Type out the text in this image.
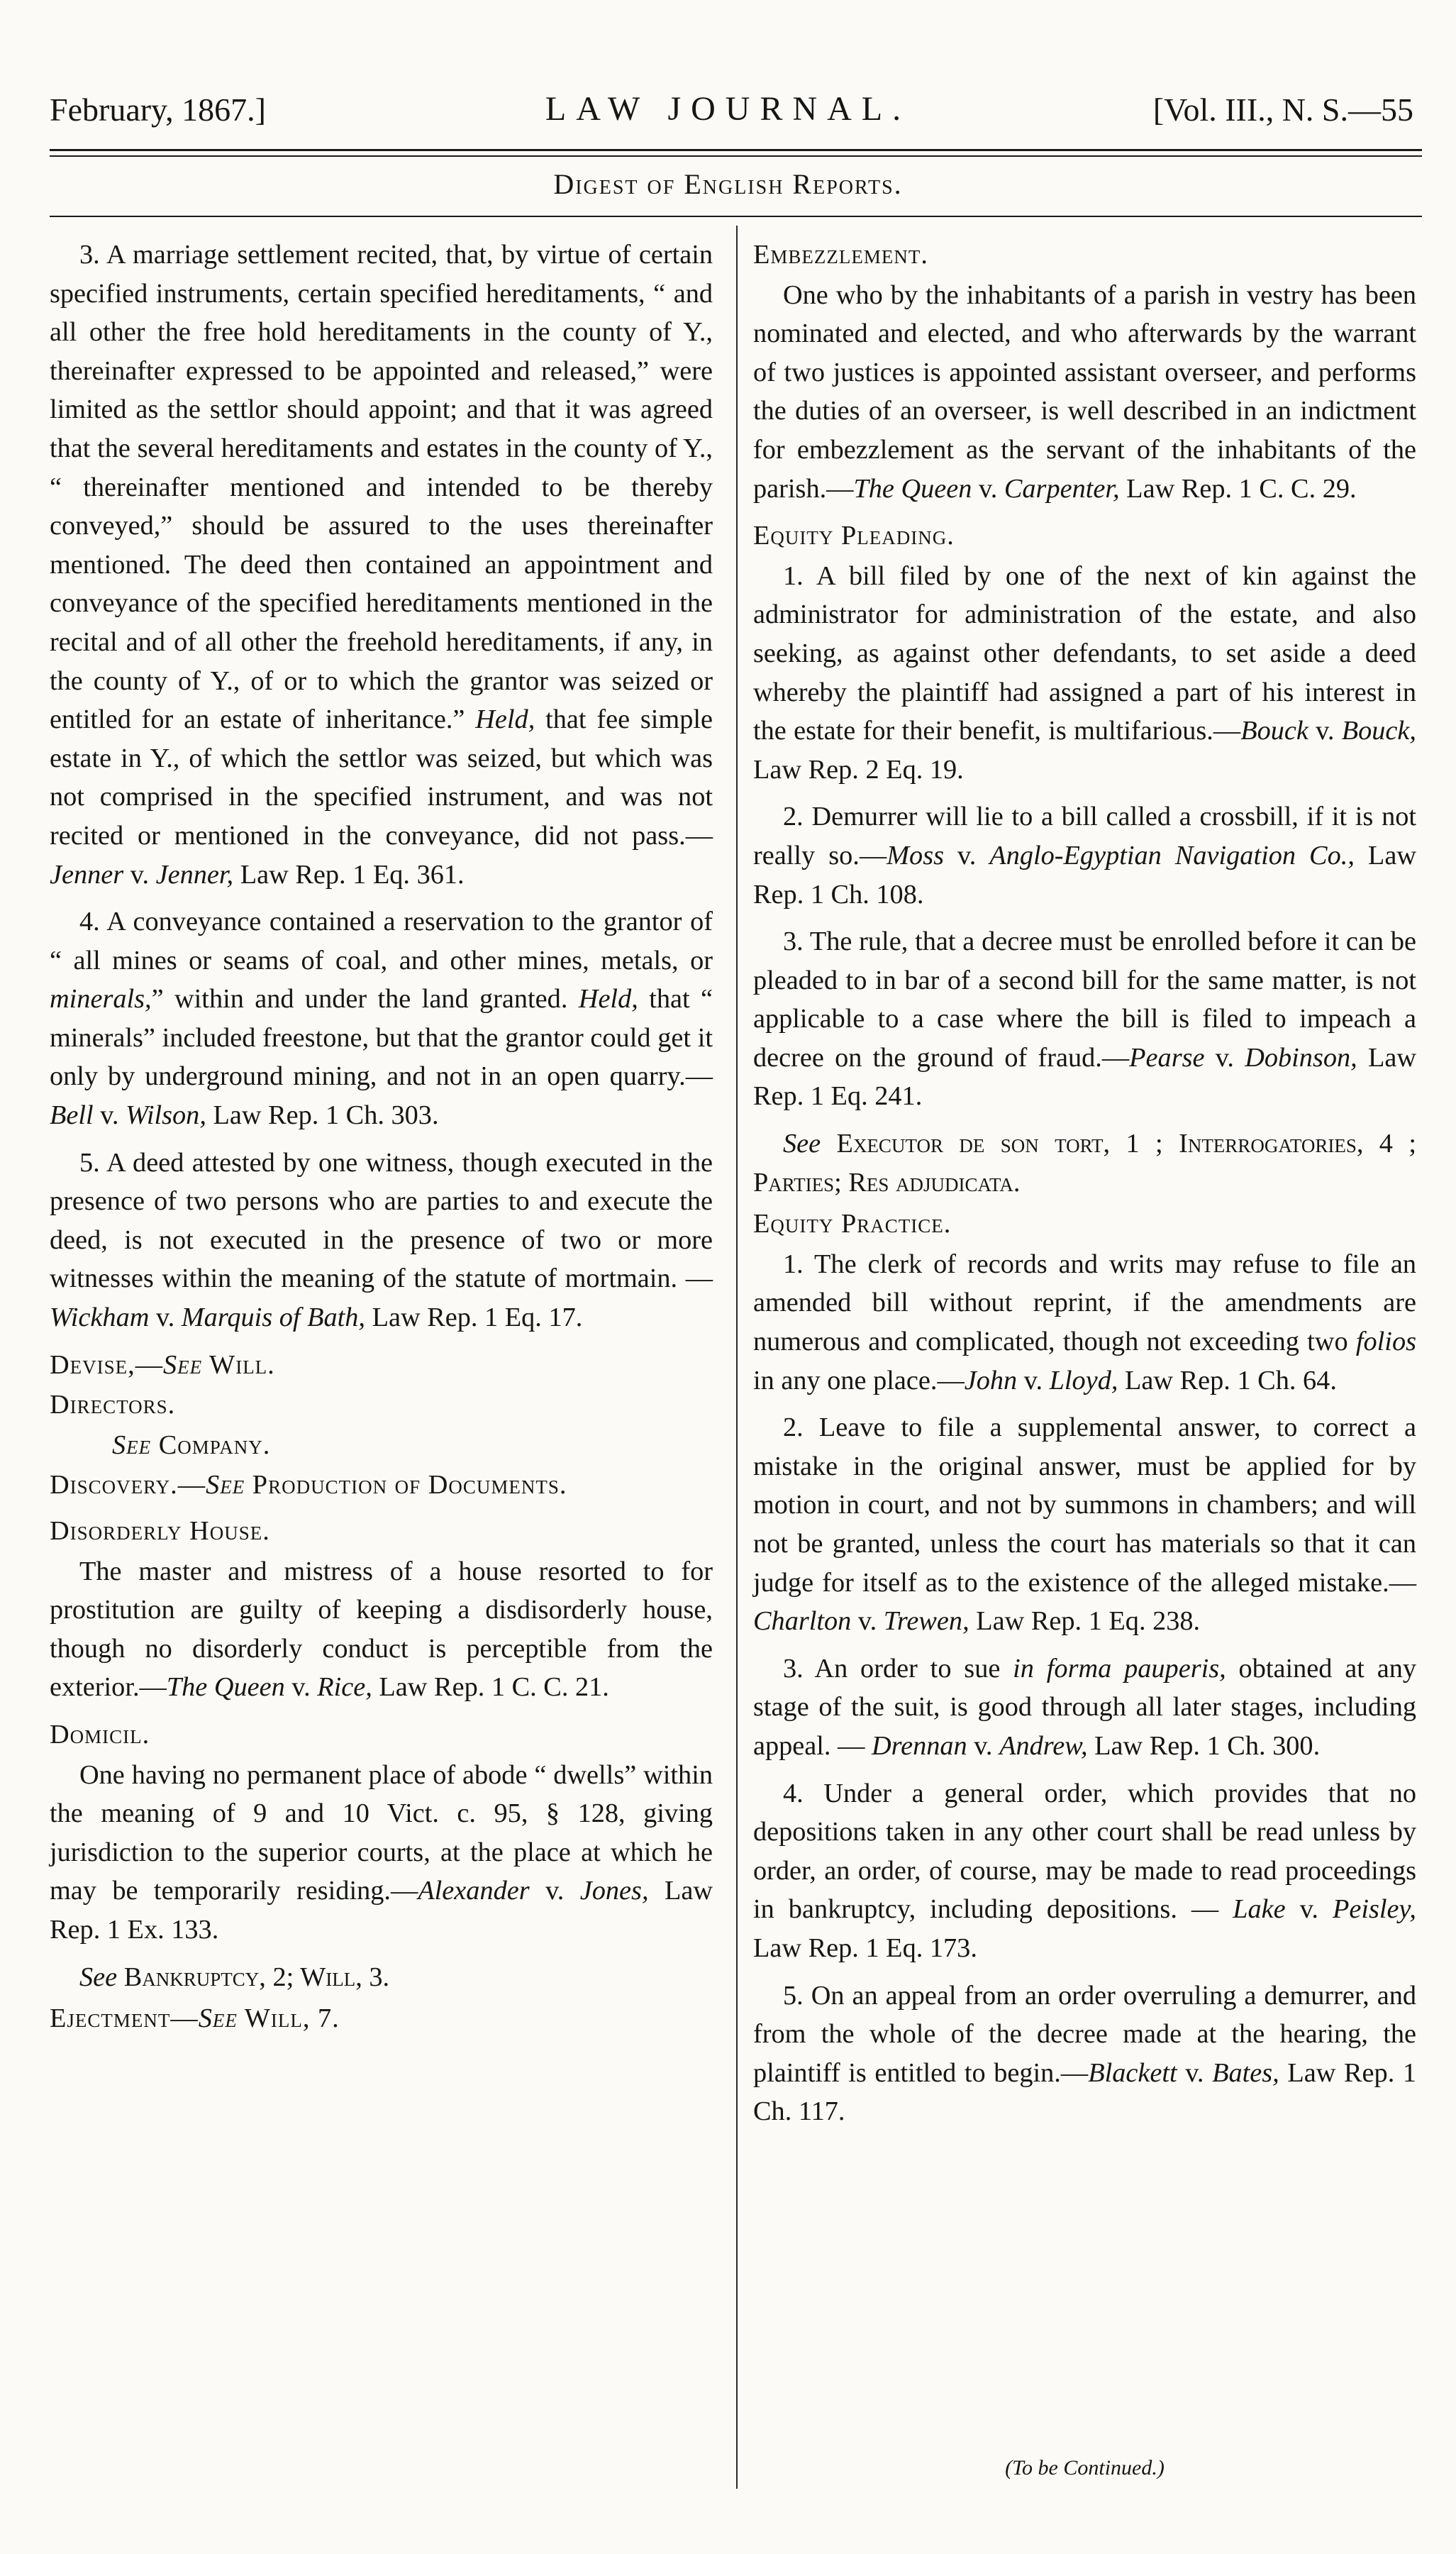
February, 1867.]	LAW JOURNAL.	[Vol. III., N. S.—55
Digest of English Reports.

3. A marriage settlement recited, that, by virtue of certain specified instruments, certain specified hereditaments, “ and all other the free hold hereditaments in the county of Y., thereinafter expressed to be appointed and released,” were limited as the settlor should appoint; and that it was agreed that the several hereditaments and estates in the county of Y., “ thereinafter mentioned and intended to be thereby conveyed,” should be assured to the uses thereinafter mentioned. The deed then contained an appointment and conveyance of the specified hereditaments mentioned in the recital and of all other the freehold hereditaments, if any, in the county of Y., of or to which the grantor was seized or entitled for an estate of inheritance.” Held, that fee simple estate in Y., of which the settlor was seized, but which was not comprised in the specified instrument, and was not recited or mentioned in the conveyance, did not pass.—Jenner v. Jenner, Law Rep. 1 Eq. 361.

4. A conveyance contained a reservation to the grantor of “ all mines or seams of coal, and other mines, metals, or minerals,” within and under the land granted. Held, that “ minerals” included freestone, but that the grantor could get it only by underground mining, and not in an open quarry.—Bell v. Wilson, Law Rep. 1 Ch. 303.

5. A deed attested by one witness, though executed in the presence of two persons who are parties to and execute the deed, is not executed in the presence of two or more witnesses within the meaning of the statute of mortmain. — Wickham v. Marquis of Bath, Law Rep. 1 Eq. 17.

Devise,—See Will.
Directors.
See Company.
Discovery.—See Production of Documents.
Disorderly House.

The master and mistress of a house resorted to for prostitution are guilty of keeping a disdisorderly house, though no disorderly conduct is perceptible from the exterior.—The Queen v. Rice, Law Rep. 1 C. C. 21.

Domicil.

One having no permanent place of abode “ dwells” within the meaning of 9 and 10 Vict. c. 95, § 128, giving jurisdiction to the superior courts, at the place at which he may be temporarily residing.—Alexander v. Jones, Law Rep. 1 Ex. 133.

See Bankruptcy, 2; Will, 3.

Ejectment—See Will, 7.
Embezzlement.

One who by the inhabitants of a parish in vestry has been nominated and elected, and who afterwards by the warrant of two justices is appointed assistant overseer, and performs the duties of an overseer, is well described in an indictment for embezzlement as the servant of the inhabitants of the parish.—The Queen v. Carpenter, Law Rep. 1 C. C. 29.

Equity Pleading.

1. A bill filed by one of the next of kin against the administrator for administration of the estate, and also seeking, as against other defendants, to set aside a deed whereby the plaintiff had assigned a part of his interest in the estate for their benefit, is multifarious.—Bouck v. Bouck, Law Rep. 2 Eq. 19.

2. Demurrer will lie to a bill called a crossbill, if it is not really so.—Moss v. Anglo-Egyptian Navigation Co., Law Rep. 1 Ch. 108.

3. The rule, that a decree must be enrolled before it can be pleaded to in bar of a second bill for the same matter, is not applicable to a case where the bill is filed to impeach a decree on the ground of fraud.—Pearse v. Dobinson, Law Rep. 1 Eq. 241.

See Executor de son tort, 1 ; Interrogatories, 4 ; Parties; Res adjudicata.

Equity Practice.

1. The clerk of records and writs may refuse to file an amended bill without reprint, if the amendments are numerous and complicated, though not exceeding two folios in any one place.—John v. Lloyd, Law Rep. 1 Ch. 64.

2. Leave to file a supplemental answer, to correct a mistake in the original answer, must be applied for by motion in court, and not by summons in chambers; and will not be granted, unless the court has materials so that it can judge for itself as to the existence of the alleged mistake.—Charlton v. Trewen, Law Rep. 1 Eq. 238.

3. An order to sue in forma pauperis, obtained at any stage of the suit, is good through all later stages, including appeal. — Drennan v. Andrew, Law Rep. 1 Ch. 300.

4. Under a general order, which provides that no depositions taken in any other court shall be read unless by order, an order, of course, may be made to read proceedings in bankruptcy, including depositions. — Lake v. Peisley, Law Rep. 1 Eq. 173.

5. On an appeal from an order overruling a demurrer, and from the whole of the decree made at the hearing, the plaintiff is entitled to begin.—Blackett v. Bates, Law Rep. 1 Ch. 117.

(To be Continued.)
